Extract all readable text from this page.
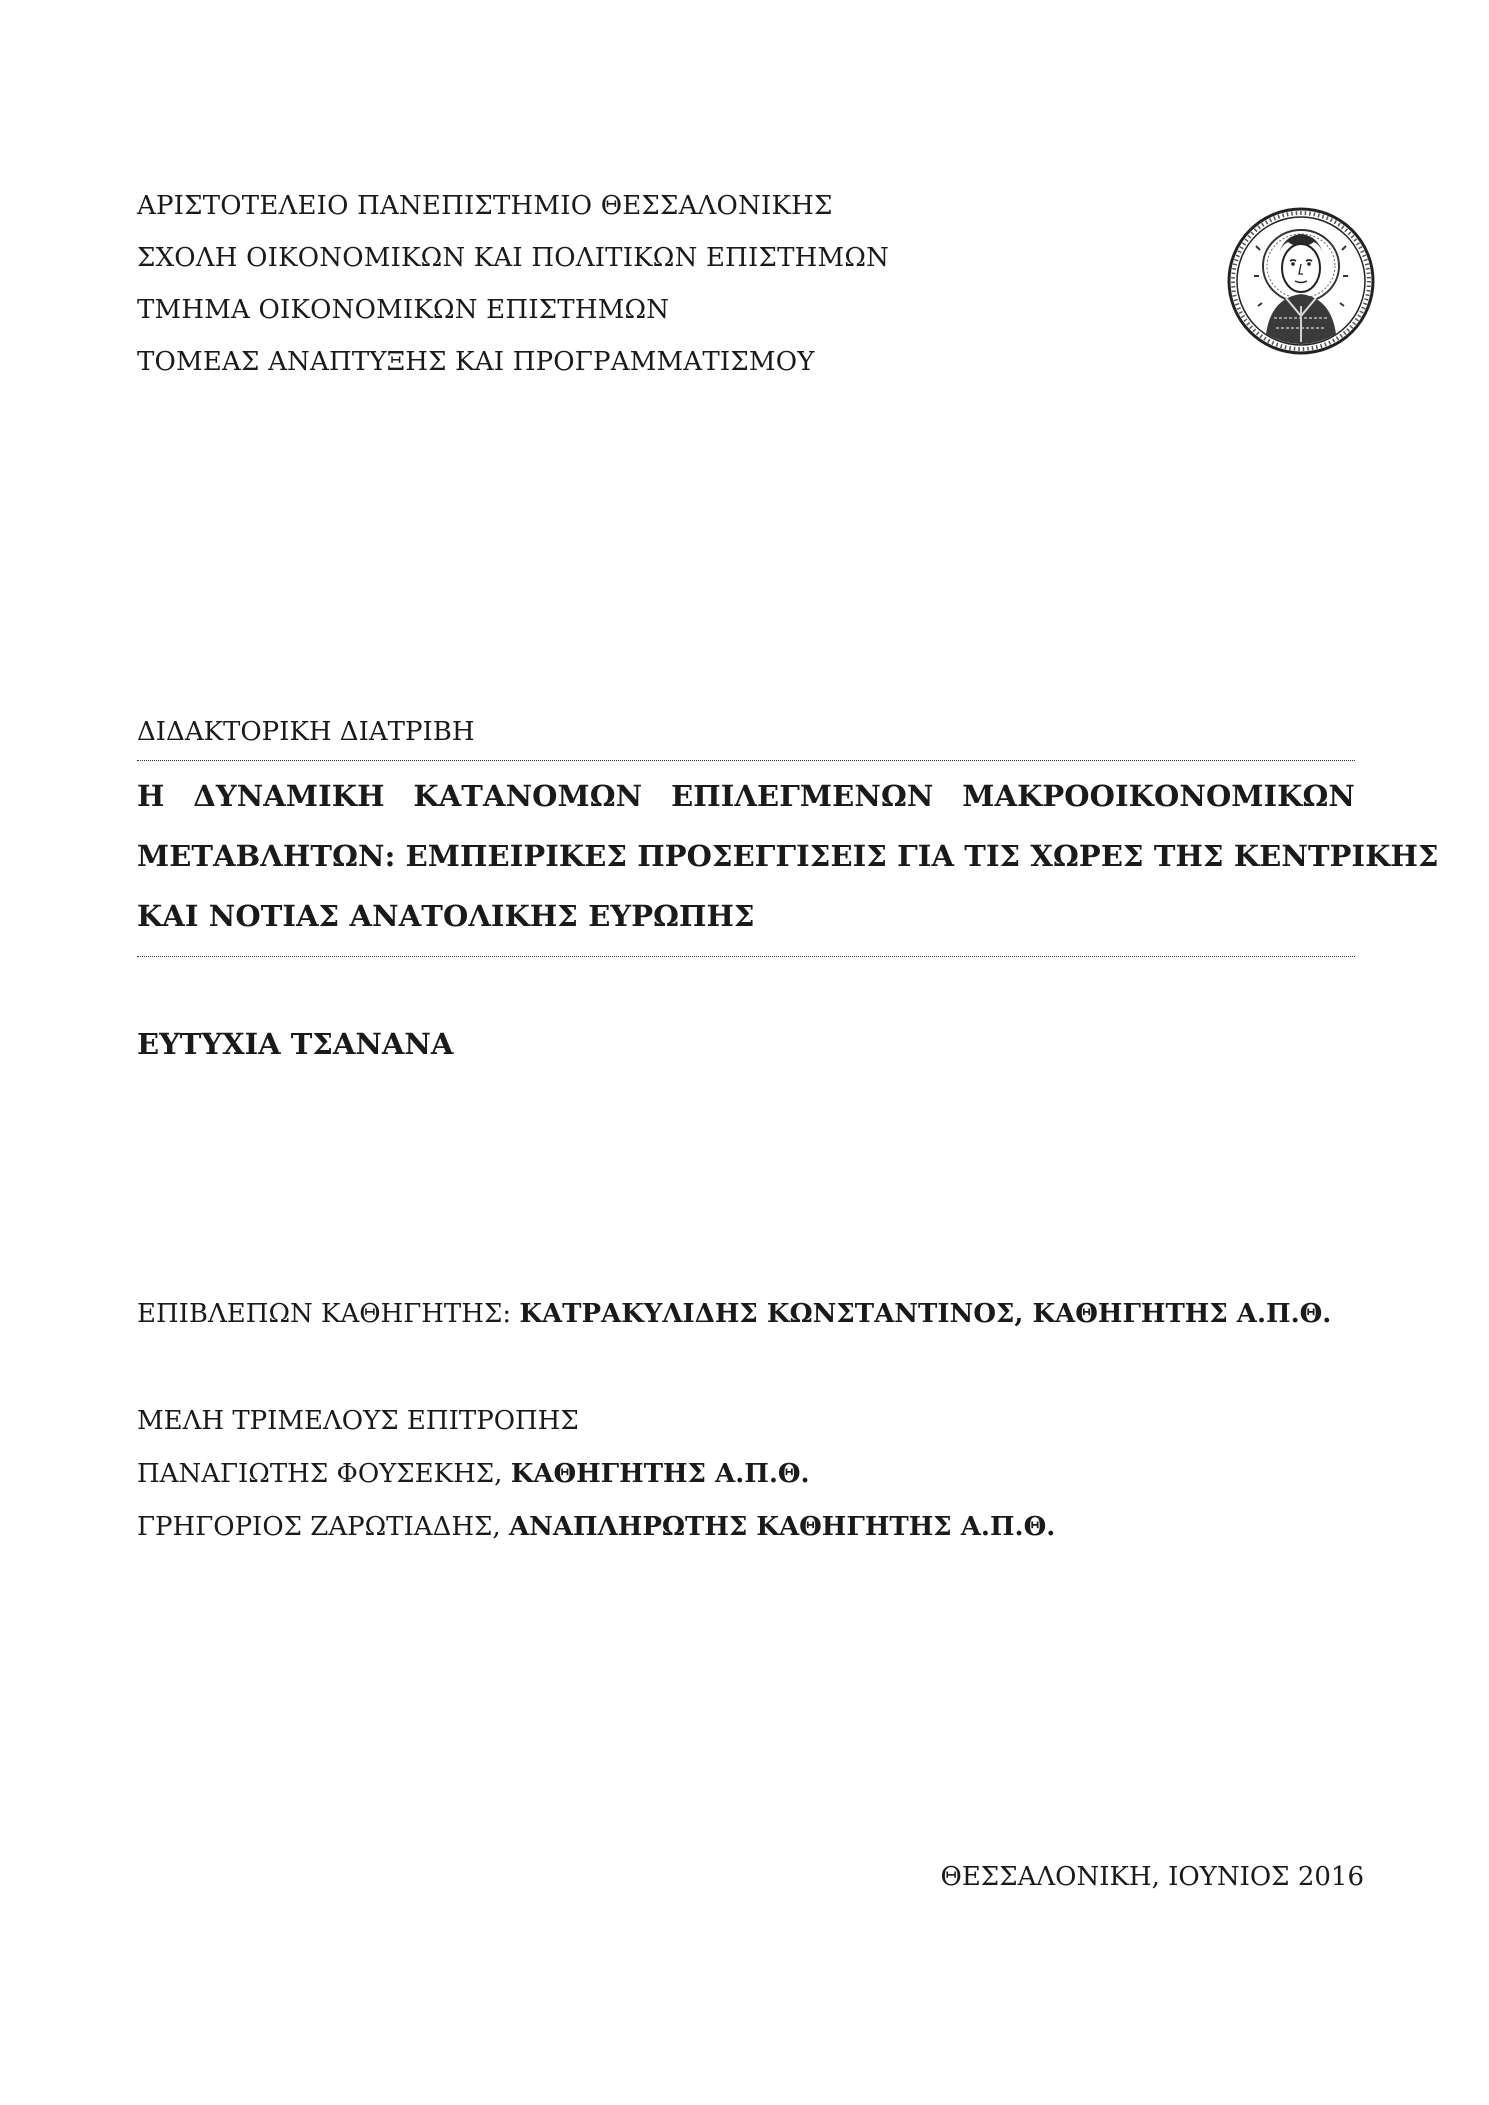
ΑΡΙΣΤΟΤΕΛΕΙΟ ΠΑΝΕΠΙΣΤΗΜΙΟ ΘΕΣΣΑΛΟΝΙΚΗΣ
ΣΧΟΛΗ ΟΙΚΟΝΟΜΙΚΩΝ ΚΑΙ ΠΟΛΙΤΙΚΩΝ ΕΠΙΣΤΗΜΩΝ
ΤΜΗΜΑ ΟΙΚΟΝΟΜΙΚΩΝ ΕΠΙΣΤΗΜΩΝ
ΤΟΜΕΑΣ ΑΝΑΠΤΥΞΗΣ ΚΑΙ ΠΡΟΓΡΑΜΜΑΤΙΣΜΟΥ
ΔΙΔΑΚΤΟΡΙΚΗ ΔΙΑΤΡΙΒΗ
Η ΔΥΝΑΜΙΚΗ ΚΑΤΑΝΟΜΩΝ ΕΠΙΛΕΓΜΕΝΩΝ ΜΑΚΡΟΟΙΚΟΝΟΜΙΚΩΝ
ΜΕΤΑΒΛΗΤΩΝ: ΕΜΠΕΙΡΙΚΕΣ ΠΡΟΣΕΓΓΙΣΕΙΣ ΓΙΑ ΤΙΣ ΧΩΡΕΣ ΤΗΣ ΚΕΝΤΡΙΚΗΣ
ΚΑΙ ΝΟΤΙΑΣ ΑΝΑΤΟΛΙΚΗΣ ΕΥΡΩΠΗΣ
ΕΥΤΥΧΙΑ ΤΣΑΝΑΝΑ
ΕΠΙΒΛΕΠΩΝ ΚΑΘΗΓΗΤΗΣ: ΚΑΤΡΑΚΥΛΙΔΗΣ ΚΩΝΣΤΑΝΤΙΝΟΣ, ΚΑΘΗΓΗΤΗΣ Α.Π.Θ.
ΜΕΛΗ ΤΡΙΜΕΛΟΥΣ ΕΠΙΤΡΟΠΗΣ
ΠΑΝΑΓΙΩΤΗΣ ΦΟΥΣΕΚΗΣ, ΚΑΘΗΓΗΤΗΣ Α.Π.Θ.
ΓΡΗΓΟΡΙΟΣ ΖΑΡΩΤΙΑΔΗΣ, ΑΝΑΠΛΗΡΩΤΗΣ ΚΑΘΗΓΗΤΗΣ Α.Π.Θ.
ΘΕΣΣΑΛΟΝΙΚΗ, ΙΟΥΝΙΟΣ 2016
